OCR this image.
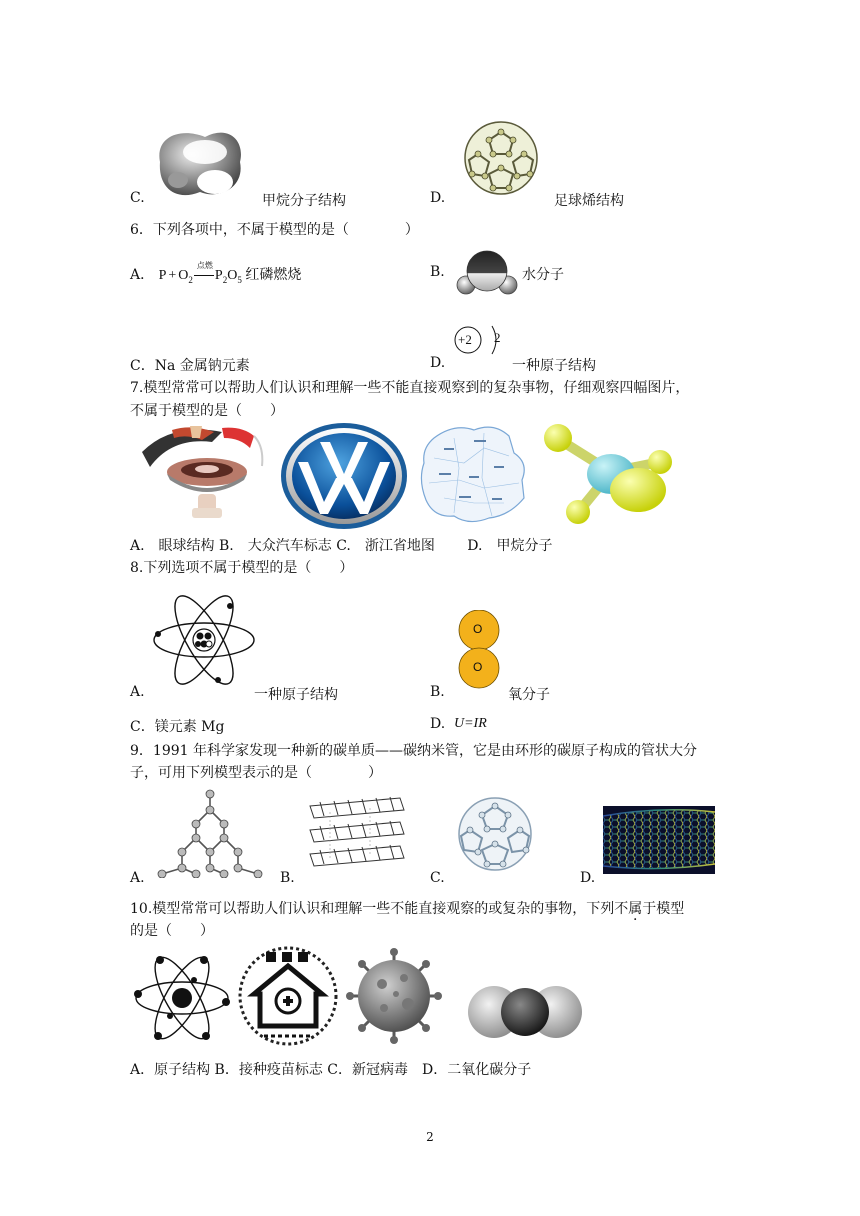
C.	甲烷分子结构	D.	足球烯结构
6．下列各项中，不属于模型的是（　　　　）
A． $P + O_2$
点燃
$P_2O_5$ 红磷燃烧	B.	水分子
C．Na 金属钠元素	D.
+2 2
一种原子结构
7.模型常常可以帮助人们认识和理解一些不能直接观察到的复杂事物，仔细观察四幅图片，
不属于模型的是（　　）
A.　眼球结构 B.　大众汽车标志 C.　浙江省地图　　 D.　甲烷分子
8.下列选项不属于模型的是（　　）
A.	一种原子结构
O
O
B.	氧分子
C．镁元素 Mg	D. U=IR
9．1991 年科学家发现一种新的碳单质——碳纳米管，它是由环形的碳原子构成的管状大分
子，可用下列模型表示的是（　　　　）
A.	B.	C.	D.
10.模型常常可以帮助人们认识和理解一些不能直接观察的或复杂的事物，下列不属于模型
的是（　　）
A．原子结构 B．接种疫苗标志 C．新冠病毒　D．二氧化碳分子
2
